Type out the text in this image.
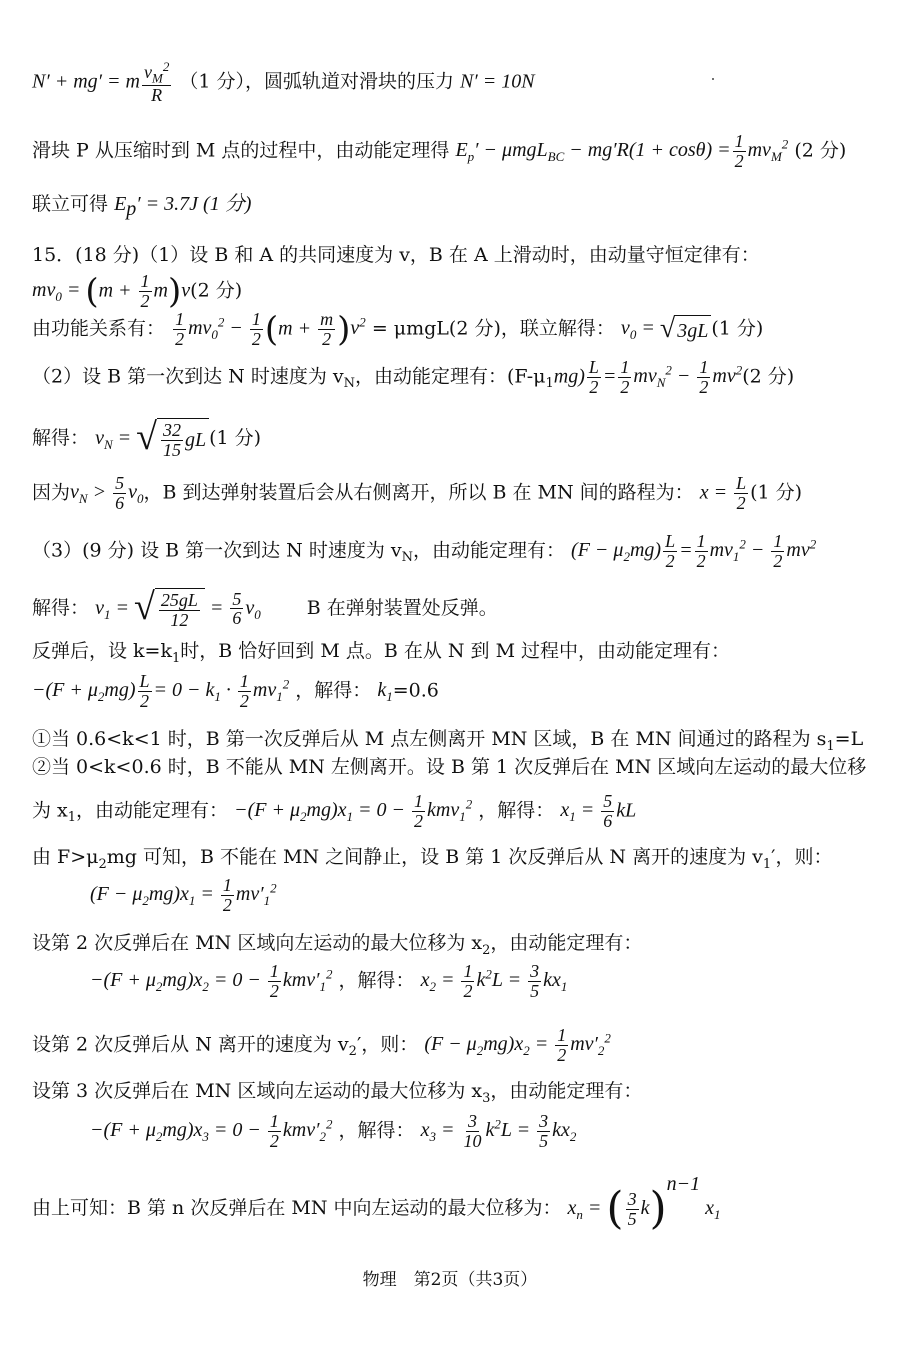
N′ + mg′ = m $\frac{v_M^2}{R} (1$ 分），圆弧轨道对滑块的压力 N′ = 10N
滑块 P 从压缩时到 M 点的过程中，由动能定理得 $E_p' - \mu mgL_{BC} - mg'R(1 + \cos\theta) = \frac{1}{2} mv_M^2$ (2 分)
联立可得 $E_p' = 3.7J$ (1 分)
15．(18 分)（1）设 B 和 A 的共同速度为 v，B 在 A 上滑动时，由动量守恒定律有：
$mv_0 = (m + \frac{1}{2} m)v(2$ 分)
由功能关系有： $\frac{1}{2} mv_0^2 - \frac{1}{2} (m + \frac{m}{2} )v^2 = \mu mgL(2$ 分)，联立解得： $v_0$ = √ 3gL (1 分)
（2）设 B 第一次到达 N 时速度为 $v_N$，由动能定理有：$(F-\mu_1mg) \frac{L}{2} = \frac{1}{2} mv_N^2 - \frac{1}{2} mv^2(2$ 分)
解得： $v_N$ = √ $\frac{32}{15}$ gL (1 分)
因为$v_N > \frac{5}{6} v_0$，B 到达弹射装置后会从右侧离开，所以 B 在 MN 间的路程为： $x = \frac{L}{2} (1$ 分)
（3）(9 分) 设 B 第一次到达 N 时速度为 $v_N$，由动能定理有： $(F - \mu_2mg) \frac{L}{2} = \frac{1}{2} mv_1^2 - \frac{1}{2} mv^2$
解得： $v_1$ = √ $\frac{25gL}{12} = \frac{5}{6} v_0$ B 在弹射装置处反弹。
反弹后，设 $k=k_1$时，B 恰好回到 M 点。B 在从 N 到 M 过程中，由动能定理有：
$-(F + \mu_2mg) \frac{L}{2} = 0 - k_1 \cdot \frac{1}{2} mv_1^2$ ，解得： $k_1=0.6$
①当 0.6<k<1 时，B 第一次反弹后从 M 点左侧离开 MN 区域，B 在 MN 间通过的路程为 $s_1=L$
②当 0<k<0.6 时，B 不能从 MN 左侧离开。设 B 第 1 次反弹后在 MN 区域向左运动的最大位移
为 $x_1$，由动能定理有： $-(F + \mu_2mg)x_1 = 0 - \frac{1}{2} kmv_1^2$ ，解得： $x_1 = \frac{5}{6}$ kL
由 $F>\mu_2mg$ 可知，B 不能在 MN 之间静止，设 B 第 1 次反弹后从 N 离开的速度为 $v_1'$，则：
$(F - \mu_2mg)x_1 = \frac{1}{2} mv'_1^2$
设第 2 次反弹后在 MN 区域向左运动的最大位移为 $x_2$，由动能定理有：
$-(F + \mu_2mg)x_2 = 0 - \frac{1}{2} kmv'_1^2$ ，解得： $x_2 = \frac{1}{2} k^2L = \frac{3}{5} kx_1$
设第 2 次反弹后从 N 离开的速度为 $v_2'$，则： $(F - \mu_2mg)x_2 = \frac{1}{2} mv'_2^2$
设第 3 次反弹后在 MN 区域向左运动的最大位移为 $x_3$，由动能定理有：
$-(F + \mu_2mg)x_3 = 0 - \frac{1}{2} kmv'_2^2$ ，解得： $x_3 = \frac{3}{10} k^2L = \frac{3}{5} kx_2$
由上可知：B 第 n 次反弹后在 MN 中向左运动的最大位移为： $x_n$ = ( $\frac{3}{5} k)^{n-1}$ $x_1$
物理　第2页（共3页）
